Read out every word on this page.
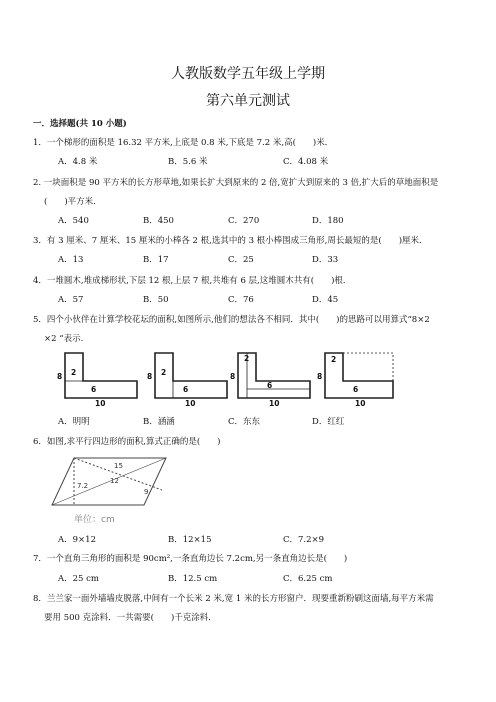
人教版数学五年级上学期
第六单元测试
一．选择题(共 10 小题)
1．一个梯形的面积是 16.32 平方米,上底是 0.8 米,下底是 7.2 米,高(　　)米．
A．4.8 米	B．5.6 米	C．4.08 米
2. 一块面积是 90 平方米的长方形草地,如果长扩大到原来的 2 倍,宽扩大到原来的 3 倍,扩大后的草地面积是
(　　)平方米．
A．540	B．450	C．270	D．180
3．有 3 厘米、7 厘米、15 厘米的小棒各 2 根,选其中的 3 根小棒围成三角形,周长最短的是(　　)厘米．
A．13	B．17	C．25	D．33
4．一堆圆木,堆成梯形状,下层 12 根,上层 7 根,共堆有 6 层,这堆圆木共有(　　)根．
A．57	B．50	C．76	D．45
5．四个小伙伴在计算学校花坛的面积,如图所示,他们的想法各不相同．其中(　　)的思路可以用算式“8×2
×2 “表示.
8
6
10
2	8
6
10
2	8
6
10
2
8
6
10
2
A．明明	B．涵涵	C．东东	D．红红
6．如图,求平行四边形的面积,算式正确的是(　　)
15
12
7.2
9
单位：cm
A．9×12	B．12×15	C．7.2×9
7．一个直角三角形的面积是 90cm²,一条直角边长 7.2cm,另一条直角边长是(　　)
A．25 cm	B．12.5 cm	C．6.25 cm
8．兰兰家一面外墙墙皮脱落,中间有一个长米 2 米,宽 1 米的长方形窗户．现要重新粉刷这面墙,每平方米需
要用 500 克涂料．一共需要(　　)千克涂料．
